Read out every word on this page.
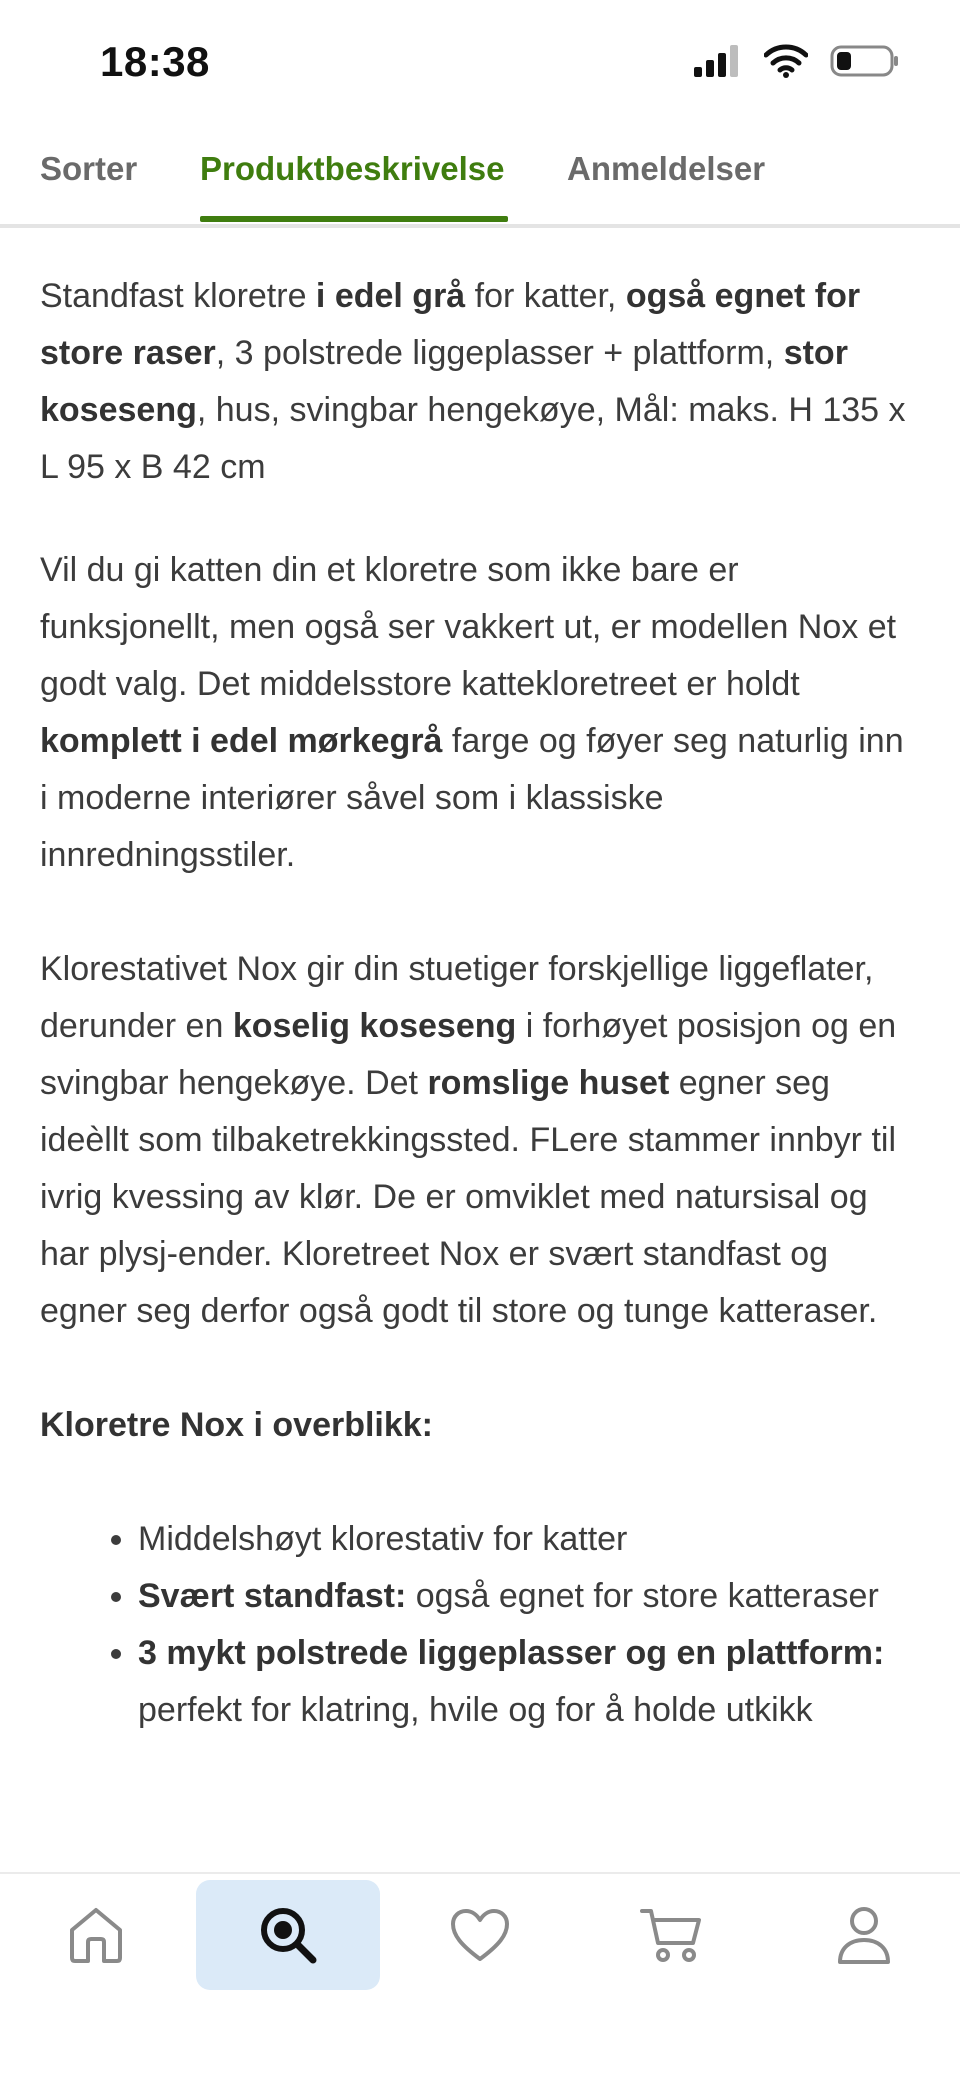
18:38
Sorter Produktbeskrivelse Anmeldelser

Standfast kloretre i edel grå for katter, også egnet for store raser, 3 polstrede liggeplasser + plattform, stor koseseng, hus, svingbar hengekøye, Mål: maks. H 135 x L 95 x B 42 cm

Vil du gi katten din et kloretre som ikke bare er funksjonellt, men også ser vakkert ut, er modellen Nox et godt valg. Det middelsstore kattekloretreet er holdt komplett i edel mørkegrå farge og føyer seg naturlig inn i moderne interiører såvel som i klassiske innredningsstiler.

Klorestativet Nox gir din stuetiger forskjellige liggeflater, derunder en koselig koseseng i forhøyet posisjon og en svingbar hengekøye. Det romslige huset egner seg ideèllt som tilbaketrekkingssted. FLere stammer innbyr til ivrig kvessing av klør. De er omviklet med natursisal og har plysj-ender. Kloretreet Nox er svært standfast og egner seg derfor også godt til store og tunge katteraser.

Kloretre Nox i overblikk:

• Middelshøyt klorestativ for katter
• Svært standfast: også egnet for store katteraser
• 3 mykt polstrede liggeplasser og en plattform: perfekt for klatring, hvile og for å holde utkikk
